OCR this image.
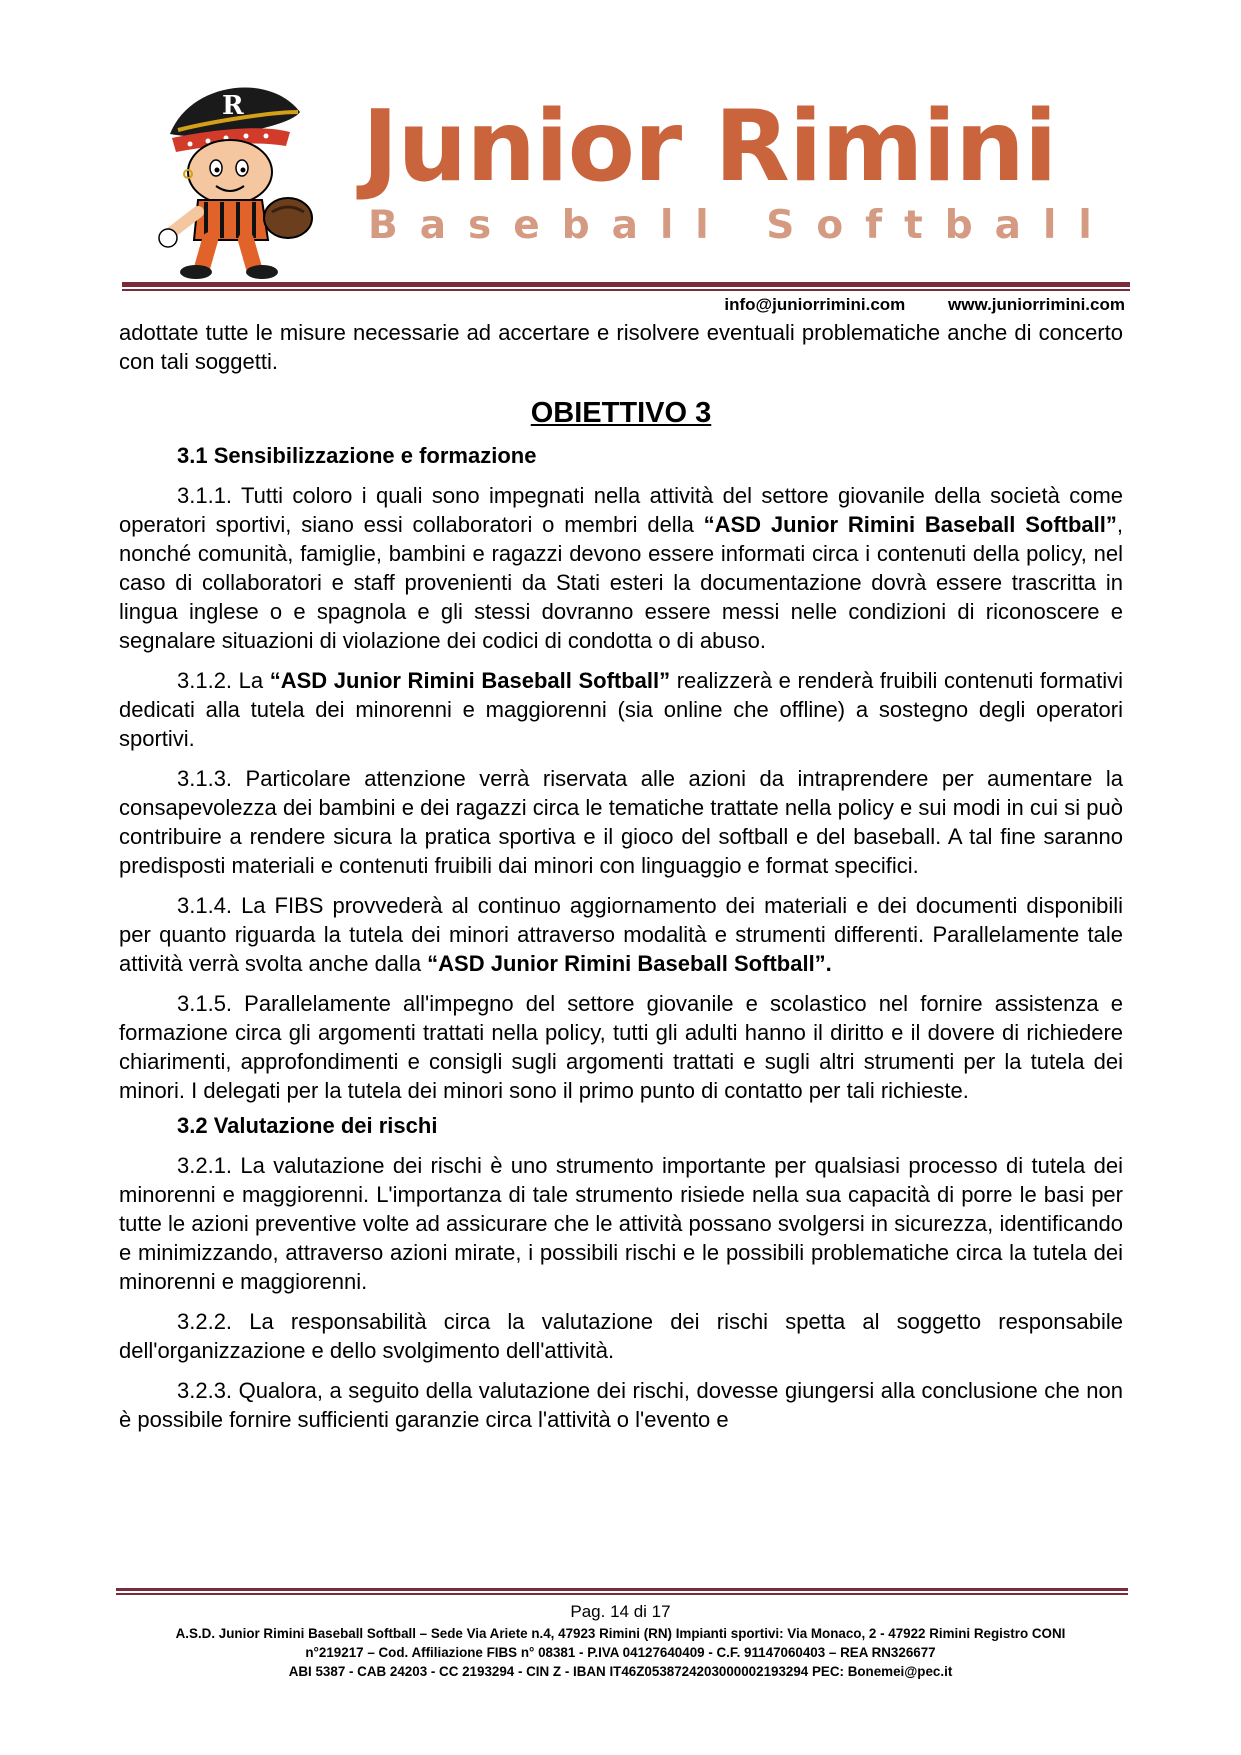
R Junior Rimini
Baseball Softball
info@juniorrimini.com	www.juniorrimini.com

adottate tutte le misure necessarie ad accertare e risolvere eventuali problematiche anche di concerto con tali soggetti.

OBIETTIVO 3
3.1 Sensibilizzazione e formazione

3.1.1. Tutti coloro i quali sono impegnati nella attività del settore giovanile della società come operatori sportivi, siano essi collaboratori o membri della “ASD Junior Rimini Baseball Softball”, nonché comunità, famiglie, bambini e ragazzi devono essere informati circa i contenuti della policy, nel caso di collaboratori e staff provenienti da Stati esteri la documentazione dovrà essere trascritta in lingua inglese o e spagnola e gli stessi dovranno essere messi nelle condizioni di riconoscere e segnalare situazioni di violazione dei codici di condotta o di abuso.

3.1.2. La “ASD Junior Rimini Baseball Softball” realizzerà e renderà fruibili contenuti formativi dedicati alla tutela dei minorenni e maggiorenni (sia online che offline) a sostegno degli operatori sportivi.

3.1.3. Particolare attenzione verrà riservata alle azioni da intraprendere per aumentare la consapevolezza dei bambini e dei ragazzi circa le tematiche trattate nella policy e sui modi in cui si può contribuire a rendere sicura la pratica sportiva e il gioco del softball e del baseball. A tal fine saranno predisposti materiali e contenuti fruibili dai minori con linguaggio e format specifici.

3.1.4. La FIBS provvederà al continuo aggiornamento dei materiali e dei documenti disponibili per quanto riguarda la tutela dei minori attraverso modalità e strumenti differenti. Parallelamente tale attività verrà svolta anche dalla “ASD Junior Rimini Baseball Softball”.

3.1.5. Parallelamente all'impegno del settore giovanile e scolastico nel fornire assistenza e formazione circa gli argomenti trattati nella policy, tutti gli adulti hanno il diritto e il dovere di richiedere chiarimenti, approfondimenti e consigli sugli argomenti trattati e sugli altri strumenti per la tutela dei minori. I delegati per la tutela dei minori sono il primo punto di contatto per tali richieste.

3.2 Valutazione dei rischi

3.2.1. La valutazione dei rischi è uno strumento importante per qualsiasi processo di tutela dei minorenni e maggiorenni. L'importanza di tale strumento risiede nella sua capacità di porre le basi per tutte le azioni preventive volte ad assicurare che le attività possano svolgersi in sicurezza, identificando e minimizzando, attraverso azioni mirate, i possibili rischi e le possibili problematiche circa la tutela dei minorenni e maggiorenni.

3.2.2. La responsabilità circa la valutazione dei rischi spetta al soggetto responsabile dell'organizzazione e dello svolgimento dell'attività.

3.2.3. Qualora, a seguito della valutazione dei rischi, dovesse giungersi alla conclusione che non è possibile fornire sufficienti garanzie circa l'attività o l'evento e

Pag. 14 di 17
A.S.D. Junior Rimini Baseball Softball – Sede Via Ariete n.4, 47923 Rimini (RN) Impianti sportivi: Via Monaco, 2 - 47922 Rimini Registro CONI
n°219217 – Cod. Affiliazione FIBS n° 08381 - P.IVA 04127640409 - C.F. 91147060403 – REA RN326677
ABI 5387 - CAB 24203 - CC 2193294 - CIN Z - IBAN IT46Z0538724203000002193294 PEC: Bonemei@pec.it
